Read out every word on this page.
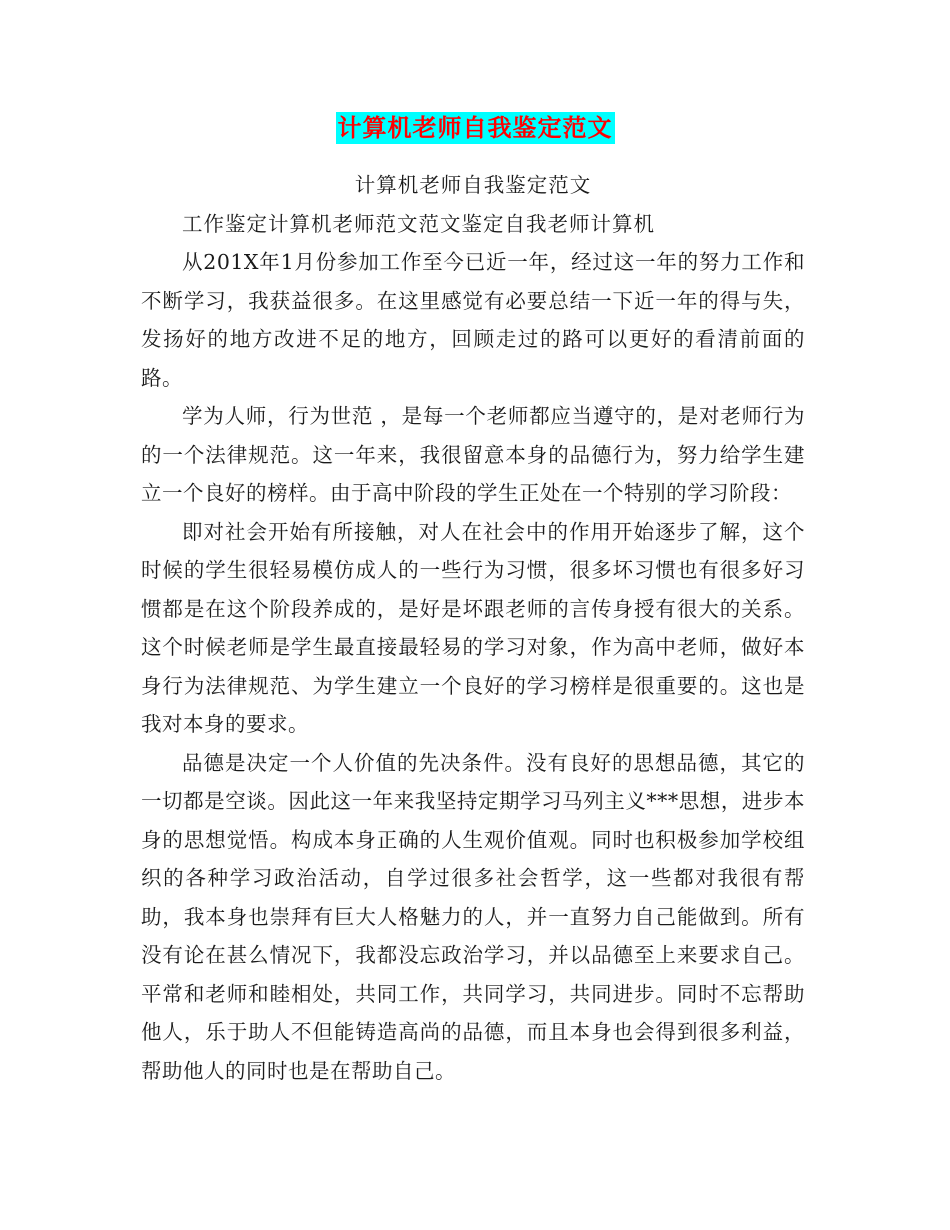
计算机老师自我鉴定范文

计算机老师自我鉴定范文

工作鉴定计算机老师范文范文鉴定自我老师计算机

从201X年1月份参加工作至今已近一年，经过这一年的努力工作和不断学习，我获益很多。在这里感觉有必要总结一下近一年的得与失，发扬好的地方改进不足的地方，回顾走过的路可以更好的看清前面的路。

学为人师，行为世范 ，是每一个老师都应当遵守的，是对老师行为的一个法律规范。这一年来，我很留意本身的品德行为，努力给学生建立一个良好的榜样。由于高中阶段的学生正处在一个特别的学习阶段：

即对社会开始有所接触，对人在社会中的作用开始逐步了解，这个时候的学生很轻易模仿成人的一些行为习惯，很多坏习惯也有很多好习惯都是在这个阶段养成的，是好是坏跟老师的言传身授有很大的关系。这个时候老师是学生最直接最轻易的学习对象，作为高中老师，做好本身行为法律规范、为学生建立一个良好的学习榜样是很重要的。这也是我对本身的要求。

品德是决定一个人价值的先决条件。没有良好的思想品德，其它的一切都是空谈。因此这一年来我坚持定期学习马列主义***思想，进步本身的思想觉悟。构成本身正确的人生观价值观。同时也积极参加学校组织的各种学习政治活动，自学过很多社会哲学，这一些都对我很有帮助，我本身也崇拜有巨大人格魅力的人，并一直努力自己能做到。所有没有论在甚么情况下，我都没忘政治学习，并以品德至上来要求自己。平常和老师和睦相处，共同工作，共同学习，共同进步。同时不忘帮助他人，乐于助人不但能铸造高尚的品德，而且本身也会得到很多利益，帮助他人的同时也是在帮助自己。
